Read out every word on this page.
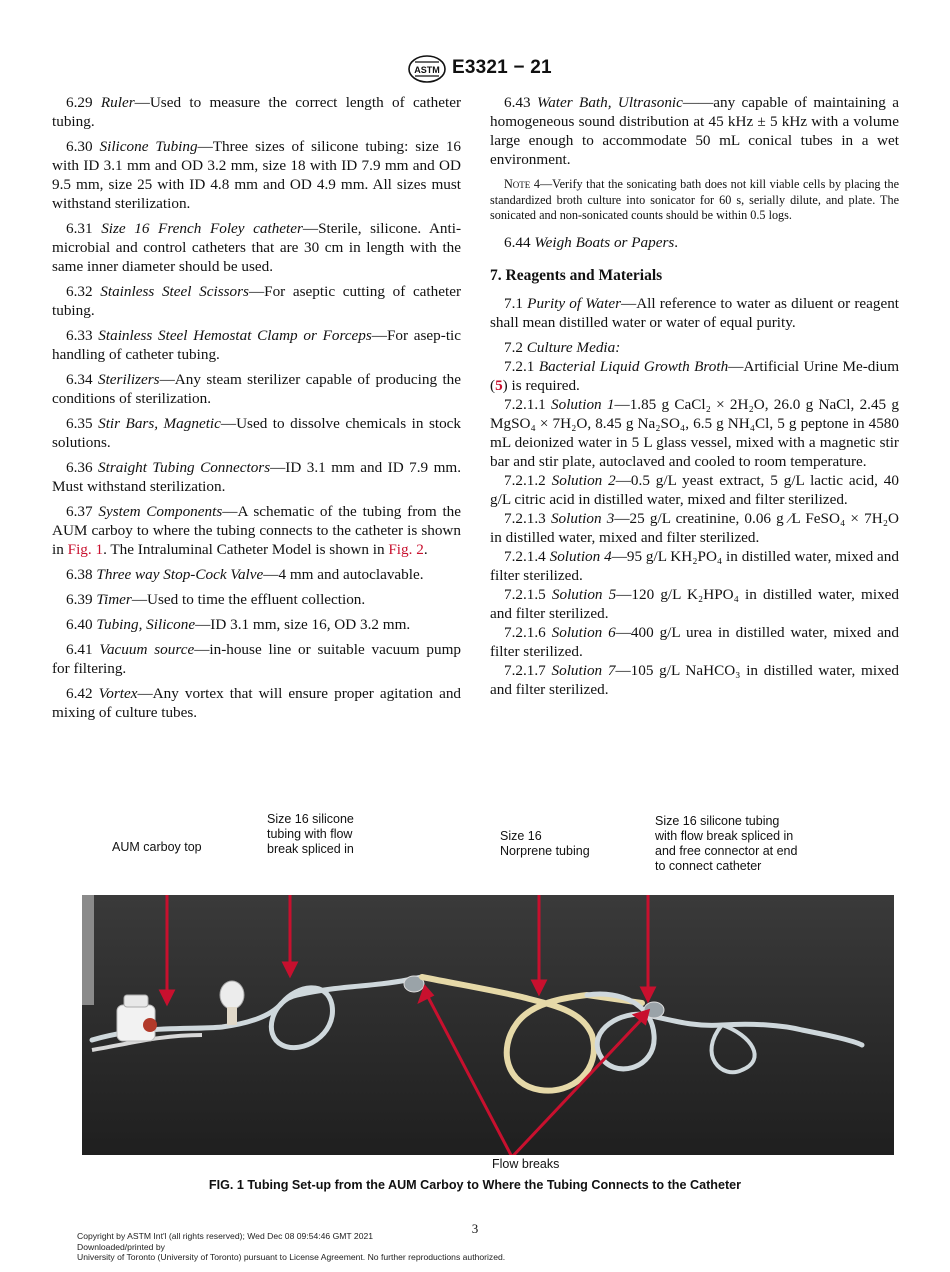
ASTM E3321 − 21

6.29 Ruler—Used to measure the correct length of catheter tubing.

6.30 Silicone Tubing—Three sizes of silicone tubing: size 16 with ID 3.1 mm and OD 3.2 mm, size 18 with ID 7.9 mm and OD 9.5 mm, size 25 with ID 4.8 mm and OD 4.9 mm. All sizes must withstand sterilization.

6.31 Size 16 French Foley catheter—Sterile, silicone. Anti-microbial and control catheters that are 30 cm in length with the same inner diameter should be used.

6.32 Stainless Steel Scissors—For aseptic cutting of catheter tubing.

6.33 Stainless Steel Hemostat Clamp or Forceps—For asep-tic handling of catheter tubing.

6.34 Sterilizers—Any steam sterilizer capable of producing the conditions of sterilization.

6.35 Stir Bars, Magnetic—Used to dissolve chemicals in stock solutions.

6.36 Straight Tubing Connectors—ID 3.1 mm and ID 7.9 mm. Must withstand sterilization.

6.37 System Components—A schematic of the tubing from the AUM carboy to where the tubing connects to the catheter is shown in Fig. 1. The Intraluminal Catheter Model is shown in Fig. 2.

6.38 Three way Stop-Cock Valve—4 mm and autoclavable.

6.39 Timer—Used to time the effluent collection.

6.40 Tubing, Silicone—ID 3.1 mm, size 16, OD 3.2 mm.

6.41 Vacuum source—in-house line or suitable vacuum pump for filtering.

6.42 Vortex—Any vortex that will ensure proper agitation and mixing of culture tubes.

6.43 Water Bath, Ultrasonic——any capable of maintaining a homogeneous sound distribution at 45 kHz ± 5 kHz with a volume large enough to accommodate 50 mL conical tubes in a wet environment.

Note 4—Verify that the sonicating bath does not kill viable cells by placing the standardized broth culture into sonicator for 60 s, serially dilute, and plate. The sonicated and non-sonicated counts should be within 0.5 logs.

6.44 Weigh Boats or Papers.

7. Reagents and Materials

7.1 Purity of Water—All reference to water as diluent or reagent shall mean distilled water or water of equal purity.

7.2 Culture Media:

7.2.1 Bacterial Liquid Growth Broth—Artificial Urine Me-dium (5) is required.

7.2.1.1 Solution 1—1.85 g CaCl₂ × 2H₂O, 26.0 g NaCl, 2.45 g MgSO₄ × 7H₂O, 8.45 g Na₂SO₄, 6.5 g NH₄Cl, 5 g peptone in 4580 mL deionized water in 5 L glass vessel, mixed with a magnetic stir bar and stir plate, autoclaved and cooled to room temperature.

7.2.1.2 Solution 2—0.5 g/L yeast extract, 5 g/L lactic acid, 40 g/L citric acid in distilled water, mixed and filter sterilized.

7.2.1.3 Solution 3—25 g/L creatinine, 0.06 g ⁄L FeSO₄ × 7H₂O in distilled water, mixed and filter sterilized.

7.2.1.4 Solution 4—95 g/L KH₂PO₄ in distilled water, mixed and filter sterilized.

7.2.1.5 Solution 5—120 g/L K₂HPO₄ in distilled water, mixed and filter sterilized.

7.2.1.6 Solution 6—400 g/L urea in distilled water, mixed and filter sterilized.

7.2.1.7 Solution 7—105 g/L NaHCO₃ in distilled water, mixed and filter sterilized.

AUM carboy top
Size 16 silicone
tubing with flow
break spliced in
Size 16
Norprene tubing
Size 16 silicone tubing
with flow break spliced in
and free connector at end
to connect catheter
Flow breaks
FIG. 1 Tubing Set-up from the AUM Carboy to Where the Tubing Connects to the Catheter
3
Copyright by ASTM Int'l (all rights reserved); Wed Dec 08 09:54:46 GMT 2021
Downloaded/printed by
University of Toronto (University of Toronto) pursuant to License Agreement. No further reproductions authorized.
